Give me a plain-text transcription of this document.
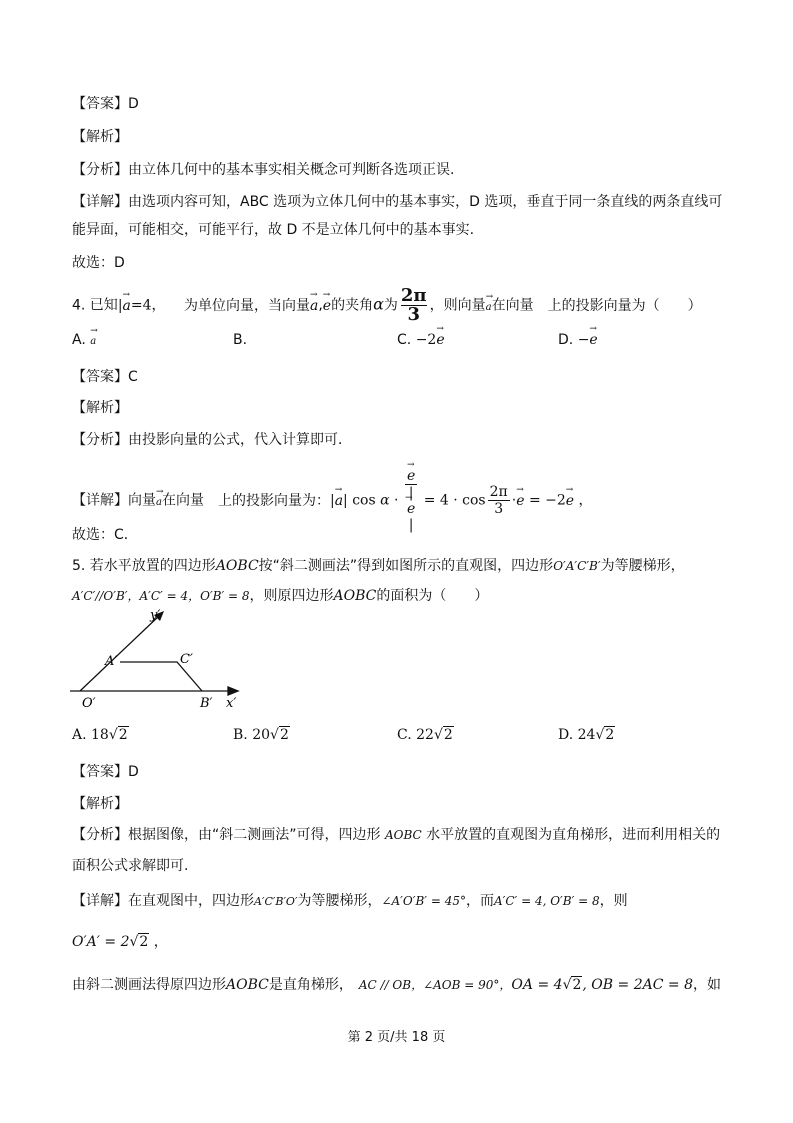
【答案】D
【解析】
【分析】由立体几何中的基本事实相关概念可判断各选项正误.
【详解】由选项内容可知，ABC 选项为立体几何中的基本事实，D 选项，垂直于同一条直线的两条直线可
能异面，可能相交，可能平行，故 D 不是立体几何中的基本事实.
故选：D
4. 已知|→ a=4， 为单位向量，当向量→ a,→ e的夹角α为 $\frac{2\pi}{3}$ ，则向量→ a在向量 上的投影向量为（　　）
A. → a	B.	C. −2→ e	D. −→ e
【答案】C
【解析】
【分析】由投影向量的公式，代入计算即可．
【详解】向量→ a在向量 上的投影向量为：|→ a| cos α · → e
|
→ e
| = $4 \cdot \cos \frac{2\pi}{3} \cdot\to e = -2\to e$ ，
故选：C．
5. 若水平放置的四边形AOBC按“斜二测画法”得到如图所示的直观图，四边形O′A′C′B′为等腰梯形，
A′C′//O′B′，A′C′ = 4，O′B′ = 8，则原四边形AOBC的面积为（　　）
y′
A′	C′
O′	B′ x′
A. 18√2	B. 20√2	C. 22√2	D. 24√2
【答案】D
【解析】
【分析】根据图像，由“斜二测画法”可得，四边形 AOBC 水平放置的直观图为直角梯形，进而利用相关的
面积公式求解即可.
【详解】在直观图中，四边形A′C′B′O′为等腰梯形，∠A′O′B′ = 45°，而A′C′ = 4, O′B′ = 8，则
O′A′ = 2√2 ，
由斜二测画法得原四边形AOBC是直角梯形， AC // OB，∠AOB = 90°，OA = 4√2, OB = 2AC = 8，如
第 2 页/共 18 页
